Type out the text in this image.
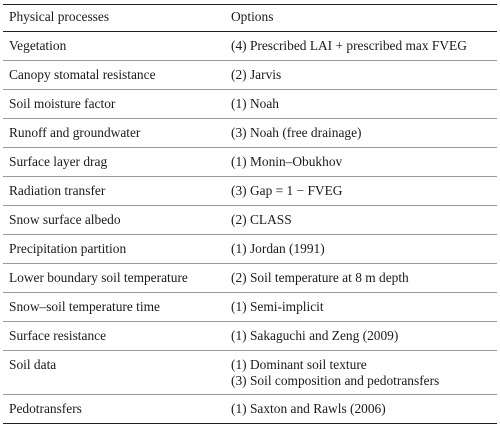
Physical processes	Options
Vegetation	(4) Prescribed LAI + prescribed max FVEG
Canopy stomatal resistance	(2) Jarvis
Soil moisture factor	(1) Noah
Runoff and groundwater	(3) Noah (free drainage)
Surface layer drag	(1) Monin–Obukhov
Radiation transfer	(3) Gap = 1 − FVEG
Snow surface albedo	(2) CLASS
Precipitation partition	(1) Jordan (1991)
Lower boundary soil temperature	(2) Soil temperature at 8 m depth
Snow–soil temperature time	(1) Semi-implicit
Surface resistance	(1) Sakaguchi and Zeng (2009)
Soil data	(1) Dominant soil texture
(3) Soil composition and pedotransfers

Pedotransfers	(1) Saxton and Rawls (2006)
